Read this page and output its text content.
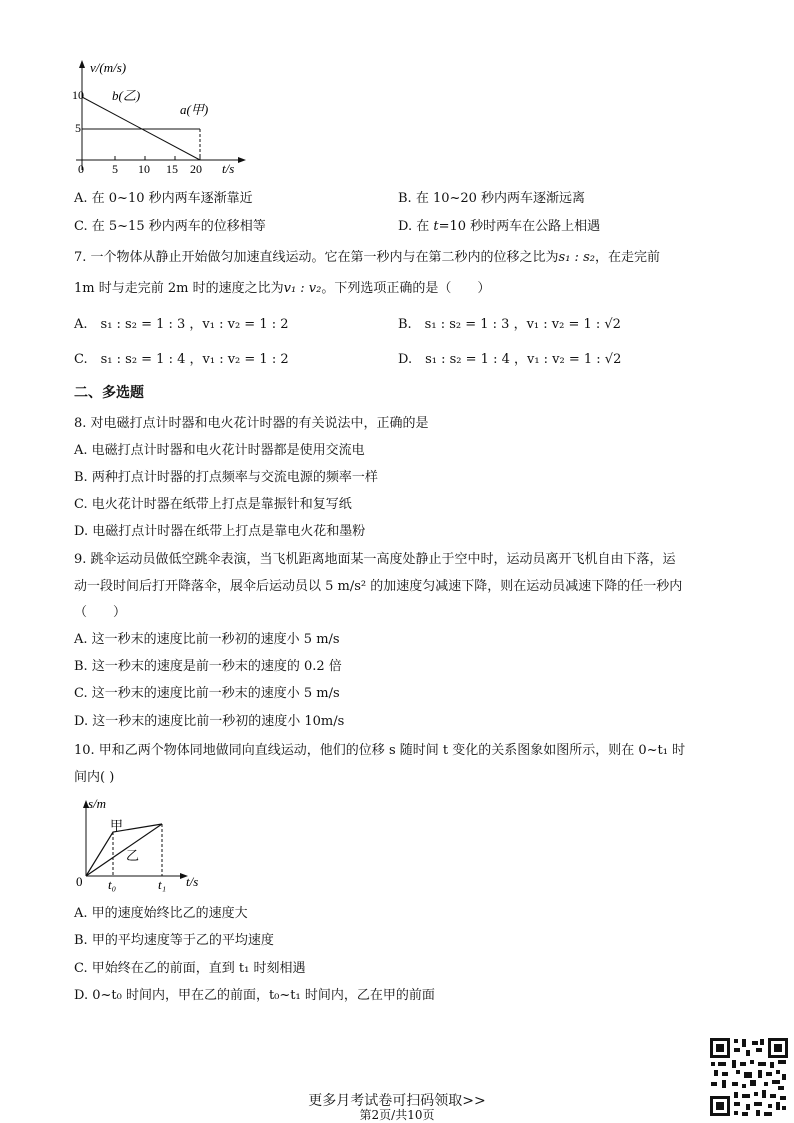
v/(m/s)
10
5
0 5 10 15 20 t/s
b(乙)
a(甲)
A. 在 0~10 秒内两车逐渐靠近	B. 在 10~20 秒内两车逐渐远离
C. 在 5~15 秒内两车的位移相等	D. 在 t=10 秒时两车在公路上相遇
7. 一个物体从静止开始做匀加速直线运动。它在第一秒内与在第二秒内的位移之比为s₁ : s₂，在走完前
1m 时与走完前 2m 时的速度之比为v₁ : v₂。下列选项正确的是（　　）
A.　s₁ : s₂ = 1 : 3 ，v₁ : v₂ = 1 : 2	B.　s₁ : s₂ = 1 : 3 ，v₁ : v₂ = 1 : √2
C.　s₁ : s₂ = 1 : 4 ，v₁ : v₂ = 1 : 2	D.　s₁ : s₂ = 1 : 4 ，v₁ : v₂ = 1 : √2
二、多选题
8. 对电磁打点计时器和电火花计时器的有关说法中，正确的是
A. 电磁打点计时器和电火花计时器都是使用交流电
B. 两种打点计时器的打点频率与交流电源的频率一样
C. 电火花计时器在纸带上打点是靠振针和复写纸
D. 电磁打点计时器在纸带上打点是靠电火花和墨粉
9. 跳伞运动员做低空跳伞表演，当飞机距离地面某一高度处静止于空中时，运动员离开飞机自由下落，运
动一段时间后打开降落伞，展伞后运动员以 5 m/s² 的加速度匀减速下降，则在运动员减速下降的任一秒内
（　　）
A. 这一秒末的速度比前一秒初的速度小 5 m/s
B. 这一秒末的速度是前一秒末的速度的 0.2 倍
C. 这一秒末的速度比前一秒末的速度小 5 m/s
D. 这一秒末的速度比前一秒初的速度小 10m/s
10. 甲和乙两个物体同地做同向直线运动，他们的位移 s 随时间 t 变化的关系图象如图所示，则在 0~t₁ 时
间内( )
s/m
甲
乙
0 t₀	t₁ t/s
A. 甲的速度始终比乙的速度大
B. 甲的平均速度等于乙的平均速度
C. 甲始终在乙的前面，直到 t₁ 时刻相遇
D. 0~t₀ 时间内，甲在乙的前面，t₀~t₁ 时间内，乙在甲的前面
更多月考试卷可扫码领取>>
第2页/共10页
